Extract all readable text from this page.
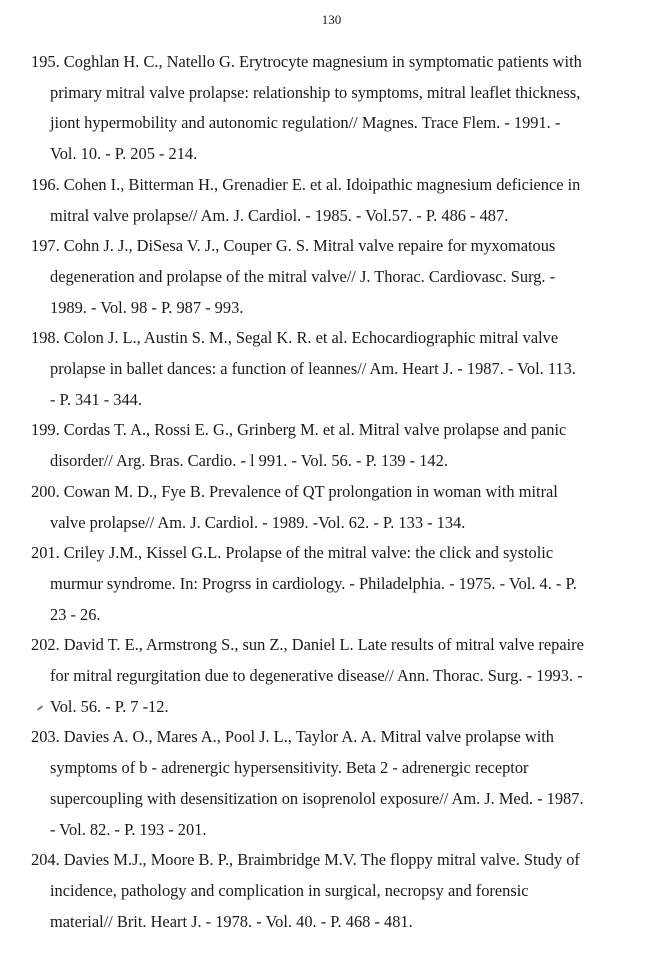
130
195. Coghlan H. C., Natello G. Erytrocyte magnesium in symptomatic patients with
primary mitral valve prolapse: relationship to symptoms, mitral leaflet thickness,
jiont hypermobility and autonomic regulation// Magnes. Trace Flem. - 1991. -
Vol. 10. - P. 205 - 214.
196. Cohen I., Bitterman H., Grenadier E. et al. Idoipathic magnesium deficience in
mitral valve prolapse// Am. J. Cardiol. - 1985. - Vol.57. - P. 486 - 487.
197. Cohn J. J., DiSesa V. J., Couper G. S. Mitral valve repaire for myxomatous
degeneration and prolapse of the mitral valve// J. Thorac. Cardiovasc. Surg. -
1989. - Vol. 98 - P. 987 - 993.
198. Colon J. L., Austin S. M., Segal K. R. et al. Echocardiographic mitral valve
prolapse in ballet dances: a function of leannes// Am. Heart J. - 1987. - Vol. 113.
- P. 341 - 344.
199. Cordas T. A., Rossi E. G., Grinberg M. et al. Mitral valve prolapse and panic
disorder// Arg. Bras. Cardio. - l 991. - Vol. 56. - P. 139 - 142.
200. Cowan M. D., Fye B. Prevalence of QT prolongation in woman with mitral
valve prolapse// Am. J. Cardiol. - 1989. -Vol. 62. - P. 133 - 134.
201. Criley J.M., Kissel G.L. Prolapse of the mitral valve: the click and systolic
murmur syndrome. In: Progrss in cardiology. - Philadelphia. - 1975. - Vol. 4. - P.
23 - 26.
202. David T. E., Armstrong S., sun Z., Daniel L. Late results of mitral valve repaire
for mitral regurgitation due to degenerative disease// Ann. Thorac. Surg. - 1993. -
Vol. 56. - P. 7 -12.
203. Davies A. O., Mares A., Pool J. L., Taylor A. A. Mitral valve prolapse with
symptoms of b - adrenergic hypersensitivity. Beta 2 - adrenergic receptor
supercoupling with desensitization on isoprenolol exposure// Am. J. Med. - 1987.
- Vol. 82. - P. 193 - 201.
204. Davies M.J., Moore B. P., Braimbridge M.V. The floppy mitral valve. Study of
incidence, pathology and complication in surgical, necropsy and forensic
material// Brit. Heart J. - 1978. - Vol. 40. - P. 468 - 481.
